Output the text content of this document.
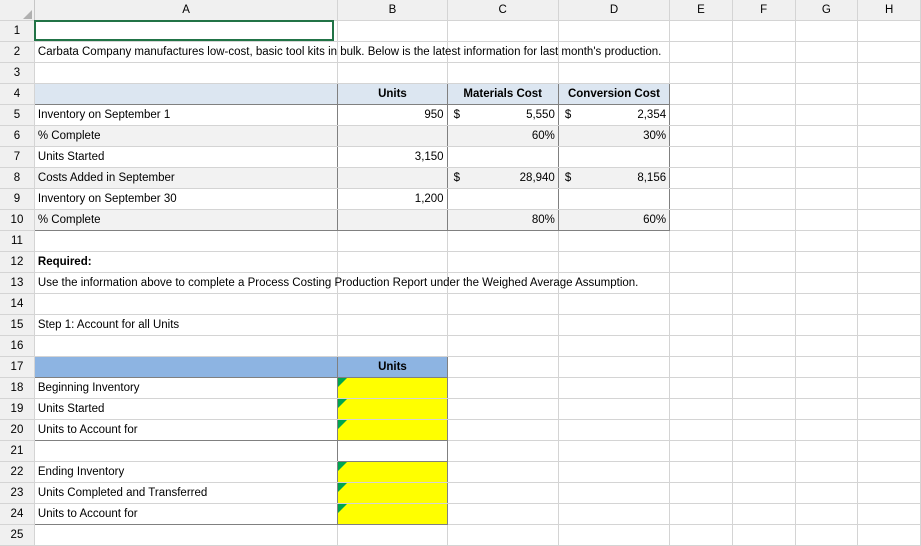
	A	B	C	D	E	F	G	H
1	

2	Carbata Company manufactures low-cost, basic tool kits in bulk. Below is the latest information for last month's production.							

3	

4		Units	Materials Cost	Conversion Cost				

5	Inventory on September 1	950	$ 5,550	$ 2,354				

6	% Complete		60%	30%				

7	Units Started	3,150						

8	Costs Added in September		$ 28,940	$ 8,156				

9	Inventory on September 30	1,200						

10	% Complete		80%	60%				

11	

12	Required:							

13	Use the information above to complete a Process Costing Production Report under the Weighed Average Assumption.							

14	

15	Step 1: Account for all Units							

16	

17		Units						

18	Beginning Inventory							

19	Units Started							

20	Units to Account for							

21	

22	Ending Inventory							

23	Units Completed and Transferred							

24	Units to Account for							

25	
